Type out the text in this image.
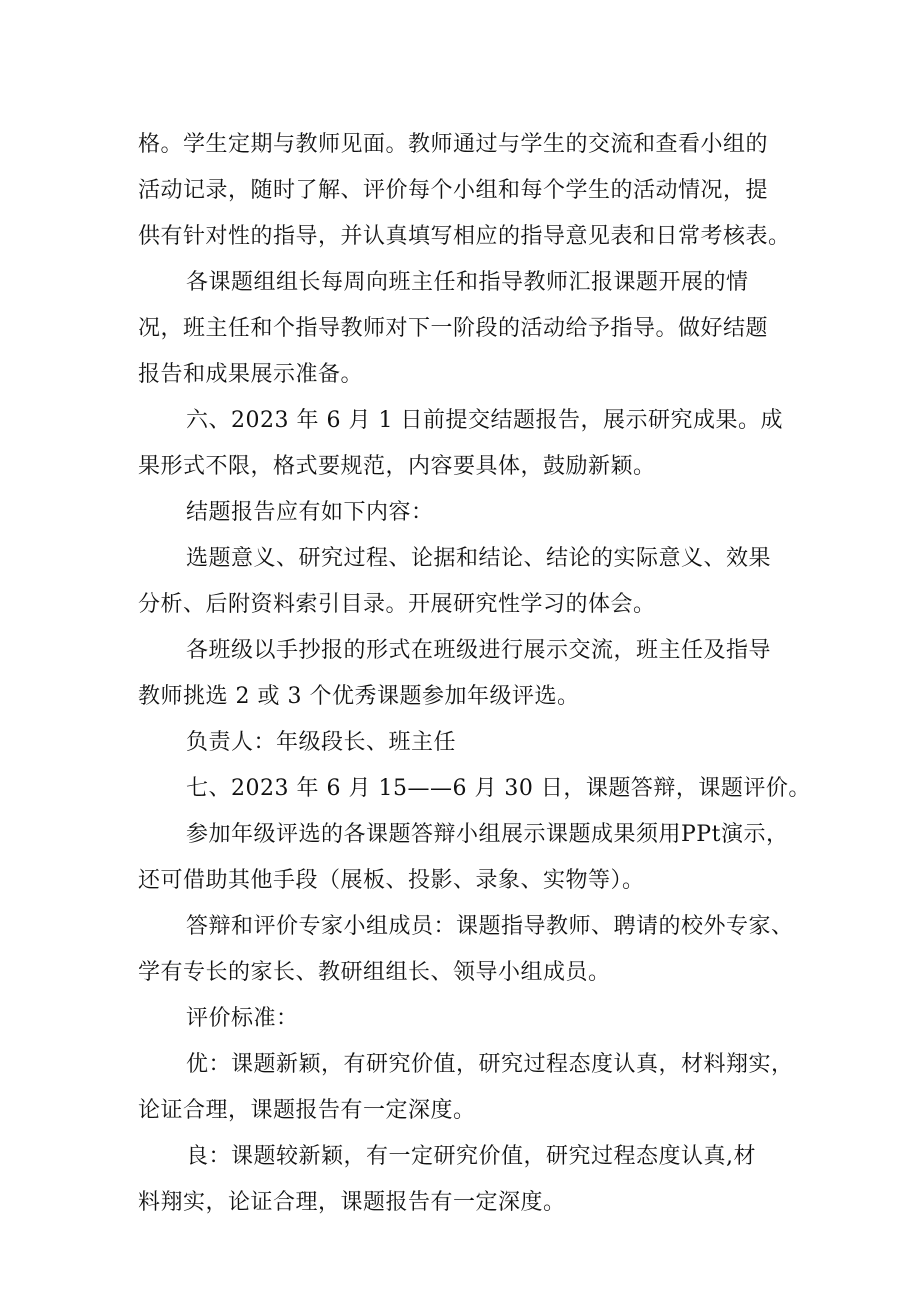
格。学生定期与教师见面。教师通过与学生的交流和查看小组的
活动记录，随时了解、评价每个小组和每个学生的活动情况，提
供有针对性的指导，并认真填写相应的指导意见表和日常考核表。
各课题组组长每周向班主任和指导教师汇报课题开展的情
况，班主任和个指导教师对下一阶段的活动给予指导。做好结题
报告和成果展示准备。
六、2023 年 6 月 1 日前提交结题报告，展示研究成果。成
果形式不限，格式要规范，内容要具体，鼓励新颖。
结题报告应有如下内容：
选题意义、研究过程、论据和结论、结论的实际意义、效果
分析、后附资料索引目录。开展研究性学习的体会。
各班级以手抄报的形式在班级进行展示交流，班主任及指导
教师挑选 2 或 3 个优秀课题参加年级评选。
负责人：年级段长、班主任
七、2023 年 6 月 15——6 月 30 日，课题答辩，课题评价。
参加年级评选的各课题答辩小组展示课题成果须用PPt演示，
还可借助其他手段（展板、投影、录象、实物等）。
答辩和评价专家小组成员：课题指导教师、聘请的校外专家、
学有专长的家长、教研组组长、领导小组成员。
评价标准：
优：课题新颖，有研究价值，研究过程态度认真，材料翔实，
论证合理，课题报告有一定深度。
良：课题较新颖，有一定研究价值，研究过程态度认真,材
料翔实，论证合理，课题报告有一定深度。
